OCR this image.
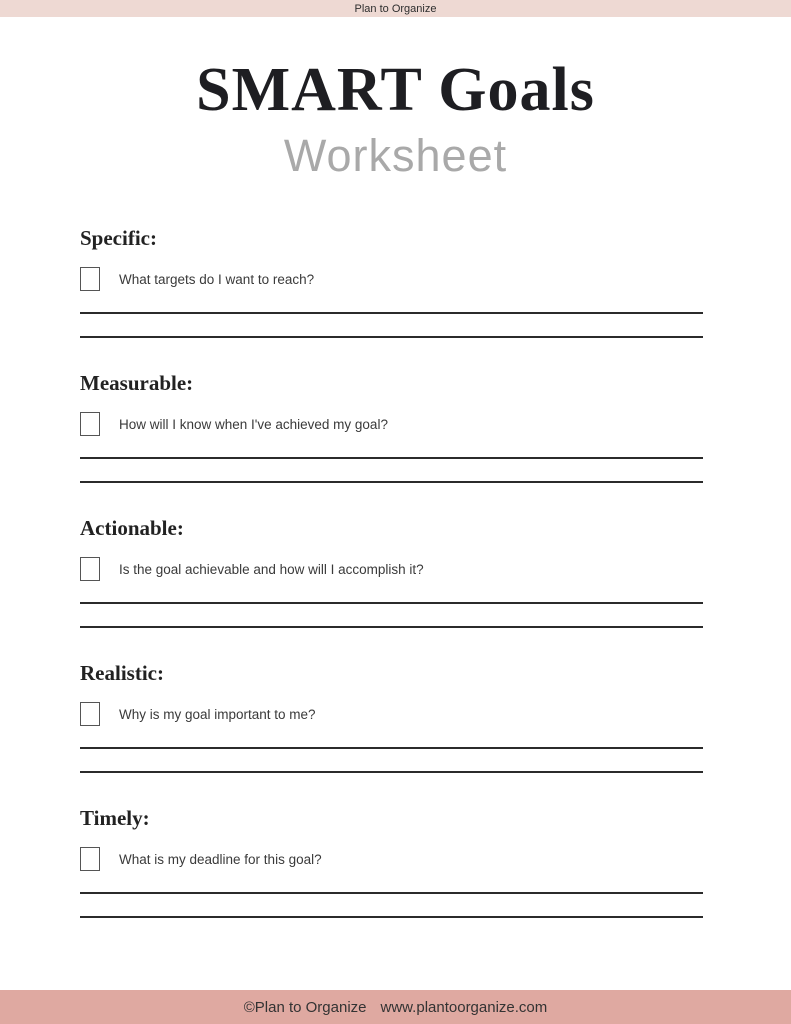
Plan to Organize
SMART Goals
Worksheet
Specific:
What targets do I want to reach?
Measurable:
How will I know when I've achieved my goal?
Actionable:
Is the goal achievable and how will I accomplish it?
Realistic:
Why is my goal important to me?
Timely:
What is my deadline for this goal?
©Plan to Organize www.plantoorganize.com
